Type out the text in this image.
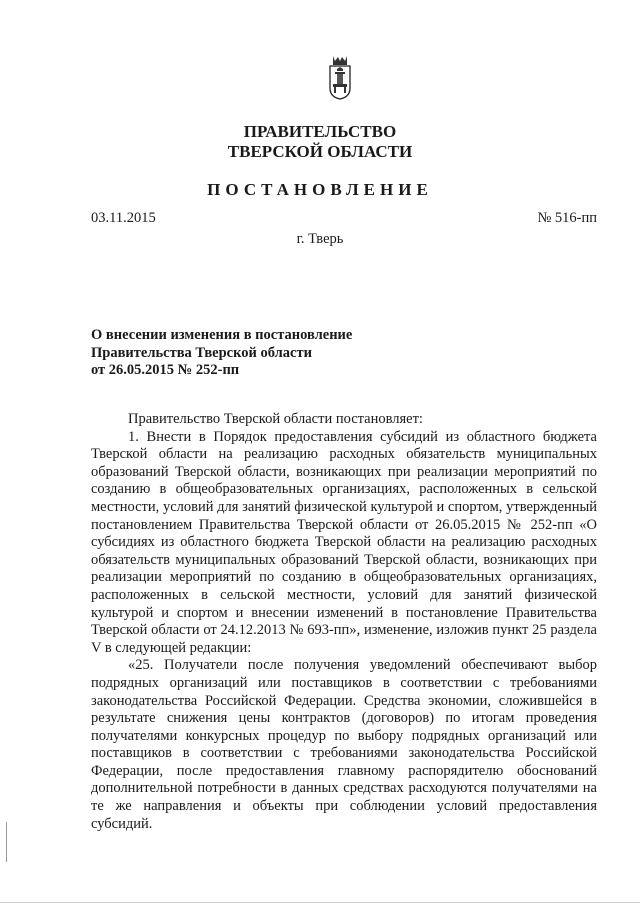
ПРАВИТЕЛЬСТВО
ТВЕРСКОЙ ОБЛАСТИ
ПОСТАНОВЛЕНИЕ
03.11.2015	№ 516-пп
г. Тверь
О внесении изменения в постановление
Правительства Тверской области
от 26.05.2015 № 252-пп

Правительство Тверской области постановляет:

1. Внести в Порядок предоставления субсидий из областного бюджета Тверской области на реализацию расходных обязательств муниципальных образований Тверской области, возникающих при реализации мероприятий по созданию в общеобразовательных организациях, расположенных в сельской местности, условий для занятий физической культурой и спортом, утвержденный постановлением Правительства Тверской области от 26.05.2015 № 252-пп «О субсидиях из областного бюджета Тверской области на реализацию расходных обязательств муниципальных образований Тверской области, возникающих при реализации мероприятий по созданию в общеобразовательных организациях, расположенных в сельской местности, условий для занятий физической культурой и спортом и внесении изменений в постановление Правительства Тверской области от 24.12.2013 № 693-пп», изменение, изложив пункт 25 раздела V в следующей редакции:

«25. Получатели после получения уведомлений обеспечивают выбор подрядных организаций или поставщиков в соответствии с требованиями законодательства Российской Федерации. Средства экономии, сложившейся в результате снижения цены контрактов (договоров) по итогам проведения получателями конкурсных процедур по выбору подрядных организаций или поставщиков в соответствии с требованиями законодательства Российской Федерации, после предоставления главному распорядителю обоснований дополнительной потребности в данных средствах расходуются получателями на те же направления и объекты при соблюдении условий предоставления субсидий.
